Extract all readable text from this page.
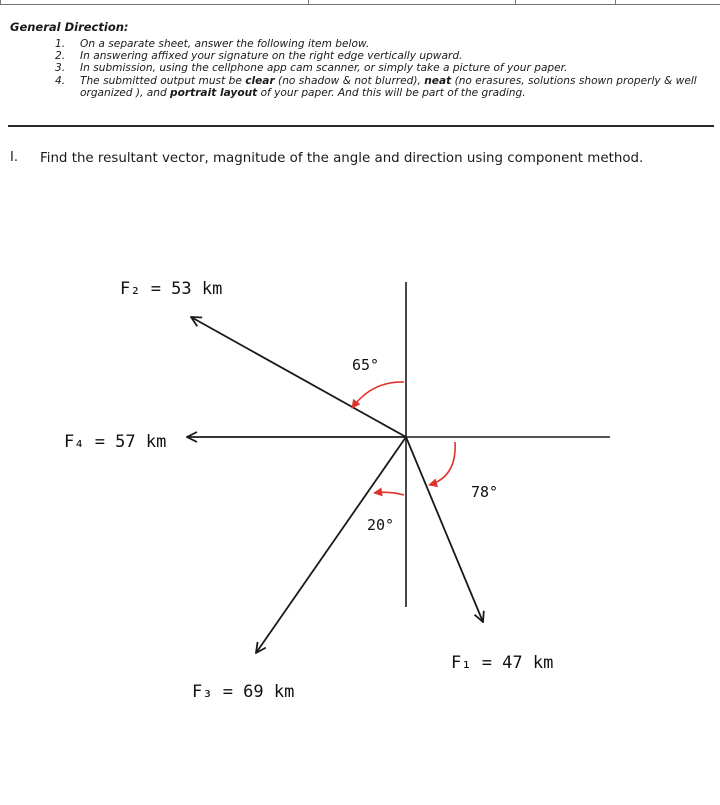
General Direction:

1. On a separate sheet, answer the following item below.

2. In answering affixed your signature on the right edge vertically upward.

3. In submission, using the cellphone app cam scanner, or simply take a picture of your paper.

4. The submitted output must be clear (no shadow & not blurred), neat (no erasures, solutions shown properly & well organized ), and portrait layout of your paper. And this will be part of the grading.

I. Find the resultant vector, magnitude of the angle and direction using component method.
F₂ = 53 km
F₄ = 57 km
F₃ = 69 km
F₁ = 47 km
65°
78°
20°
